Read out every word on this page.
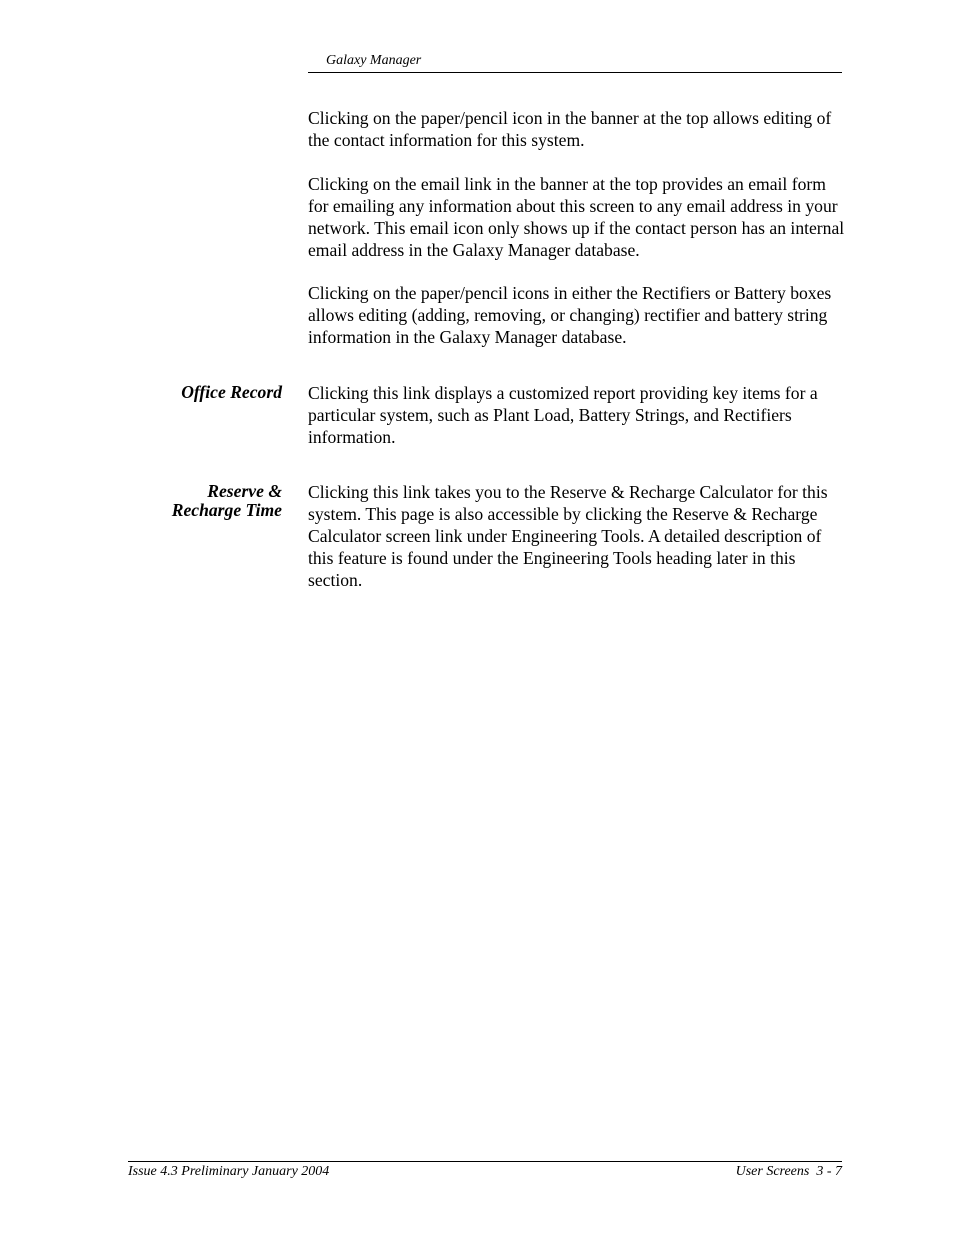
Galaxy Manager

Clicking on the paper/pencil icon in the banner at the top allows editing of the contact information for this system.

Clicking on the email link in the banner at the top provides an email form for emailing any information about this screen to any email address in your network. This email icon only shows up if the contact person has an internal email address in the Galaxy Manager database.

Clicking on the paper/pencil icons in either the Rectifiers or Battery boxes allows editing (adding, removing, or changing) rectifier and battery string information in the Galaxy Manager database.

Office Record Clicking this link displays a customized report providing key items for a particular system, such as Plant Load, Battery Strings, and Rectifiers information.

Reserve &
Recharge Time

Clicking this link takes you to the Reserve & Recharge Calculator for this system. This page is also accessible by clicking the Reserve & Recharge Calculator screen link under Engineering Tools. A detailed description of this feature is found under the Engineering Tools heading later in this section.

Issue 4.3 Preliminary January 2004	User Screens  3 - 7
